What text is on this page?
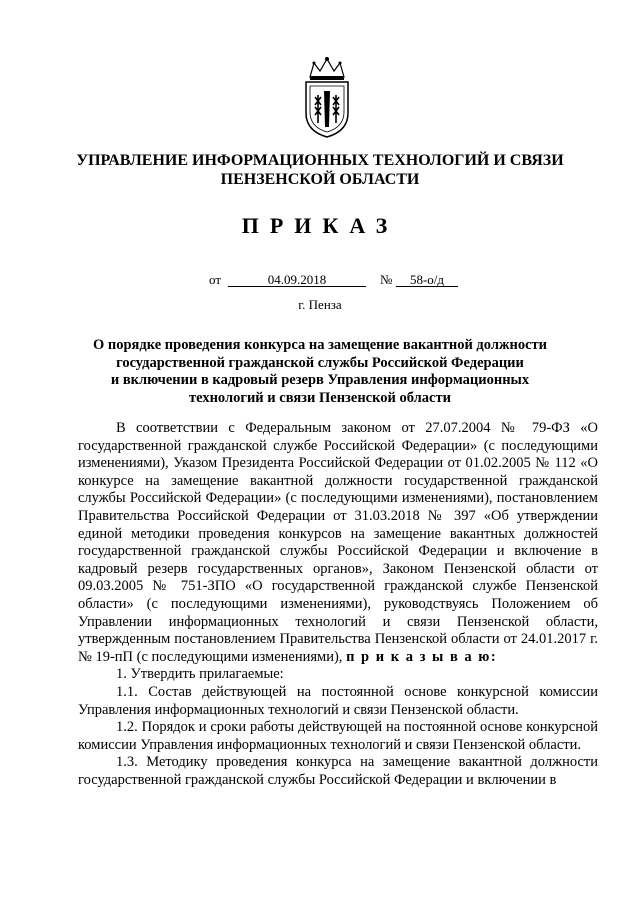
УПРАВЛЕНИЕ ИНФОРМАЦИОННЫХ ТЕХНОЛОГИЙ И СВЯЗИ
ПЕНЗЕНСКОЙ ОБЛАСТИ
ПРИКАЗ
от	04.09.2018	№	58-о/д
г. Пенза
О порядке проведения конкурса на замещение вакантной должности
государственной гражданской службы Российской Федерации
и включении в кадровый резерв Управления информационных
технологий и связи Пензенской области

В соответствии с Федеральным законом от 27.07.2004 № 79-ФЗ «О государственной гражданской службе Российской Федерации» (с последующими изменениями), Указом Президента Российской Федерации от 01.02.2005 № 112 «О конкурсе на замещение вакантной должности государственной гражданской службы Российской Федерации» (с последующими изменениями), постановлением Правительства Российской Федерации от 31.03.2018 № 397 «Об утверждении единой методики проведения конкурсов на замещение вакантных должностей государственной гражданской службы Российской Федерации и включение в кадровый резерв государственных органов», Законом Пензенской области от 09.03.2005 № 751-ЗПО «О государственной гражданской службе Пензенской области» (с последующими изменениями), руководствуясь Положением об Управлении информационных технологий и связи Пензенской области, утвержденным постановлением Правительства Пензенской области от 24.01.2017 г. № 19-пП (с последующими изменениями), п р и к а з ы в а ю:

1. Утвердить прилагаемые:

1.1. Состав действующей на постоянной основе конкурсной комиссии Управления информационных технологий и связи Пензенской области.

1.2. Порядок и сроки работы действующей на постоянной основе конкурсной комиссии Управления информационных технологий и связи Пензенской области.

1.3. Методику проведения конкурса на замещение вакантной должности государственной гражданской службы Российской Федерации и включении в
